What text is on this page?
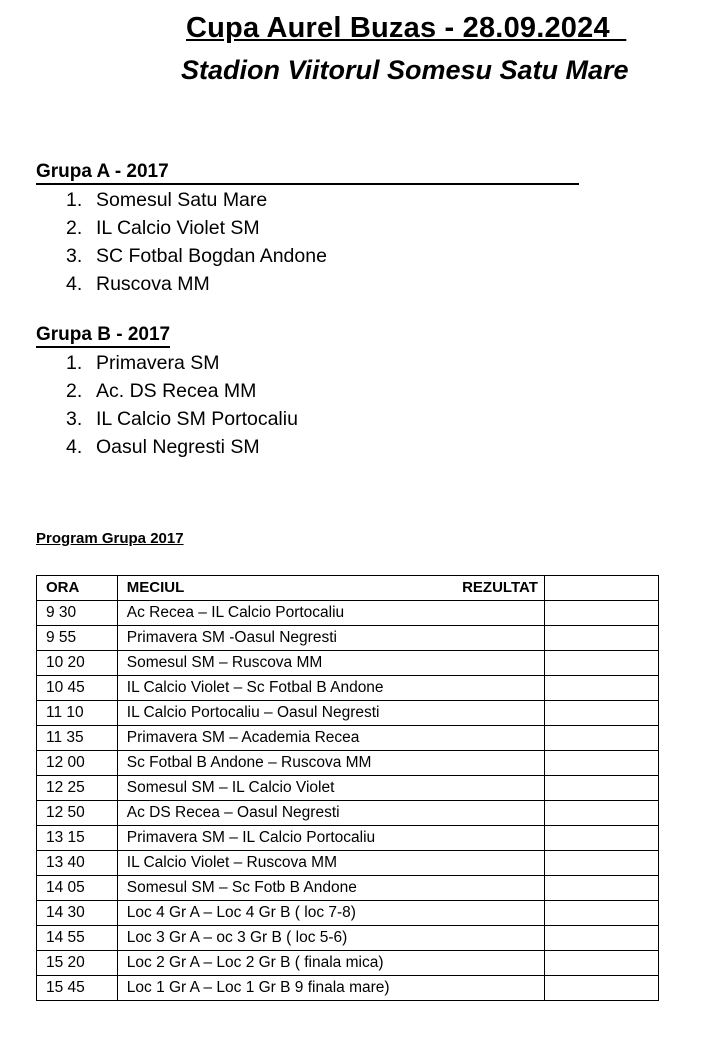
Cupa Aurel Buzas - 28.09.2024
Stadion Viitorul Somesu Satu Mare
Grupa A - 2017
1. Somesul Satu Mare
2. IL Calcio Violet SM
3. SC Fotbal Bogdan Andone
4. Ruscova MM
Grupa B - 2017
1. Primavera SM
2. Ac. DS Recea MM
3. IL Calcio SM Portocaliu
4. Oasul Negresti SM
Program Grupa 2017
ORA	MECIUL REZULTAT	

9 30	Ac Recea – IL Calcio Portocaliu	
9 55	Primavera SM -Oasul Negresti	
10 20	Somesul SM – Ruscova MM	
10 45	IL Calcio Violet – Sc Fotbal B Andone	
11 10	IL Calcio Portocaliu – Oasul Negresti	
11 35	Primavera SM – Academia Recea	
12 00	Sc Fotbal B Andone – Ruscova MM	
12 25	Somesul SM – IL Calcio Violet	
12 50	Ac DS Recea – Oasul Negresti	
13 15	Primavera SM – IL Calcio Portocaliu	
13 40	IL Calcio Violet – Ruscova MM	
14 05	Somesul SM – Sc Fotb B Andone	
14 30	Loc 4 Gr A – Loc 4 Gr B ( loc 7-8)	
14 55	Loc 3 Gr A – oc 3 Gr B ( loc 5-6)	
15 20	Loc 2 Gr A – Loc 2 Gr B ( finala mica)	
15 45	Loc 1 Gr A – Loc 1 Gr B 9 finala mare)	
